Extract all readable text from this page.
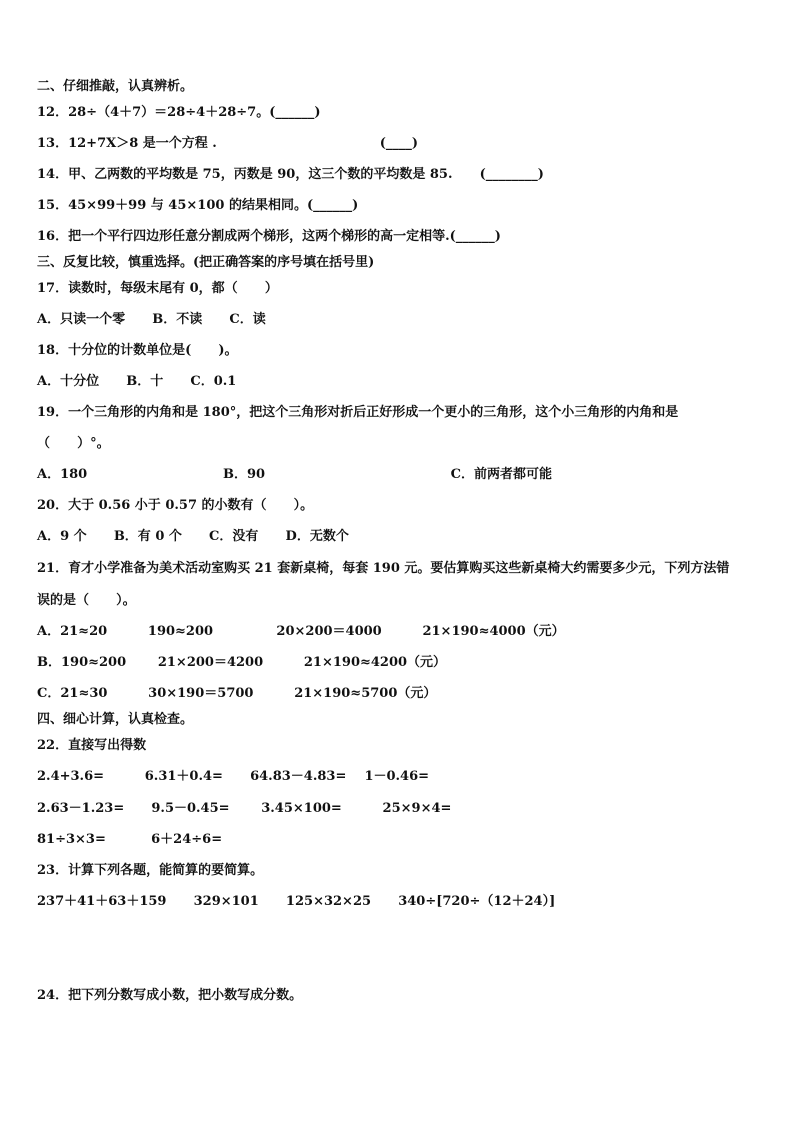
二、仔细推敲，认真辨析。
12．28÷（4＋7）＝28÷4＋28÷7。(______)
13．12+7X＞8 是一个方程 .                                    (____)
14．甲、乙两数的平均数是 75，丙数是 90，这三个数的平均数是 85.      (________)
15．45×99＋99 与 45×100 的结果相同。(______)
16．把一个平行四边形任意分割成两个梯形，这两个梯形的高一定相等.(______)
三、反复比较，慎重选择。(把正确答案的序号填在括号里)
17．读数时，每级末尾有 0，都（      ）
A．只读一个零      B．不读      C．读
18．十分位的计数单位是(      )。
A．十分位      B．十      C．0.1
19．一个三角形的内角和是 180°，把这个三角形对折后正好形成一个更小的三角形，这个小三角形的内角和是
（      ）°。
A．180                              B．90                                         C．前两者都可能
20．大于 0.56 小于 0.57 的小数有（      ）。
A．9 个      B．有 0 个      C．没有      D．无数个
21．育才小学准备为美术活动室购买 21 套新桌椅，每套 190 元。要估算购买这些新桌椅大约需要多少元，下列方法错
误的是（      ）。
A．21≈20         190≈200              20×200＝4000         21×190≈4000（元）
B．190≈200       21×200＝4200         21×190≈4200（元）
C．21≈30         30×190＝5700         21×190≈5700（元）
四、细心计算，认真检查。
22．直接写出得数
2.4+3.6=         6.31＋0.4=      64.83－4.83=    1－0.46=
2.63－1.23=      9.5－0.45=       3.45×100=         25×9×4=
81÷3×3=          6＋24÷6=
23．计算下列各题，能简算的要简算。
237＋41＋63＋159      329×101      125×32×25      340÷[720÷（12＋24）]
24．把下列分数写成小数，把小数写成分数。
